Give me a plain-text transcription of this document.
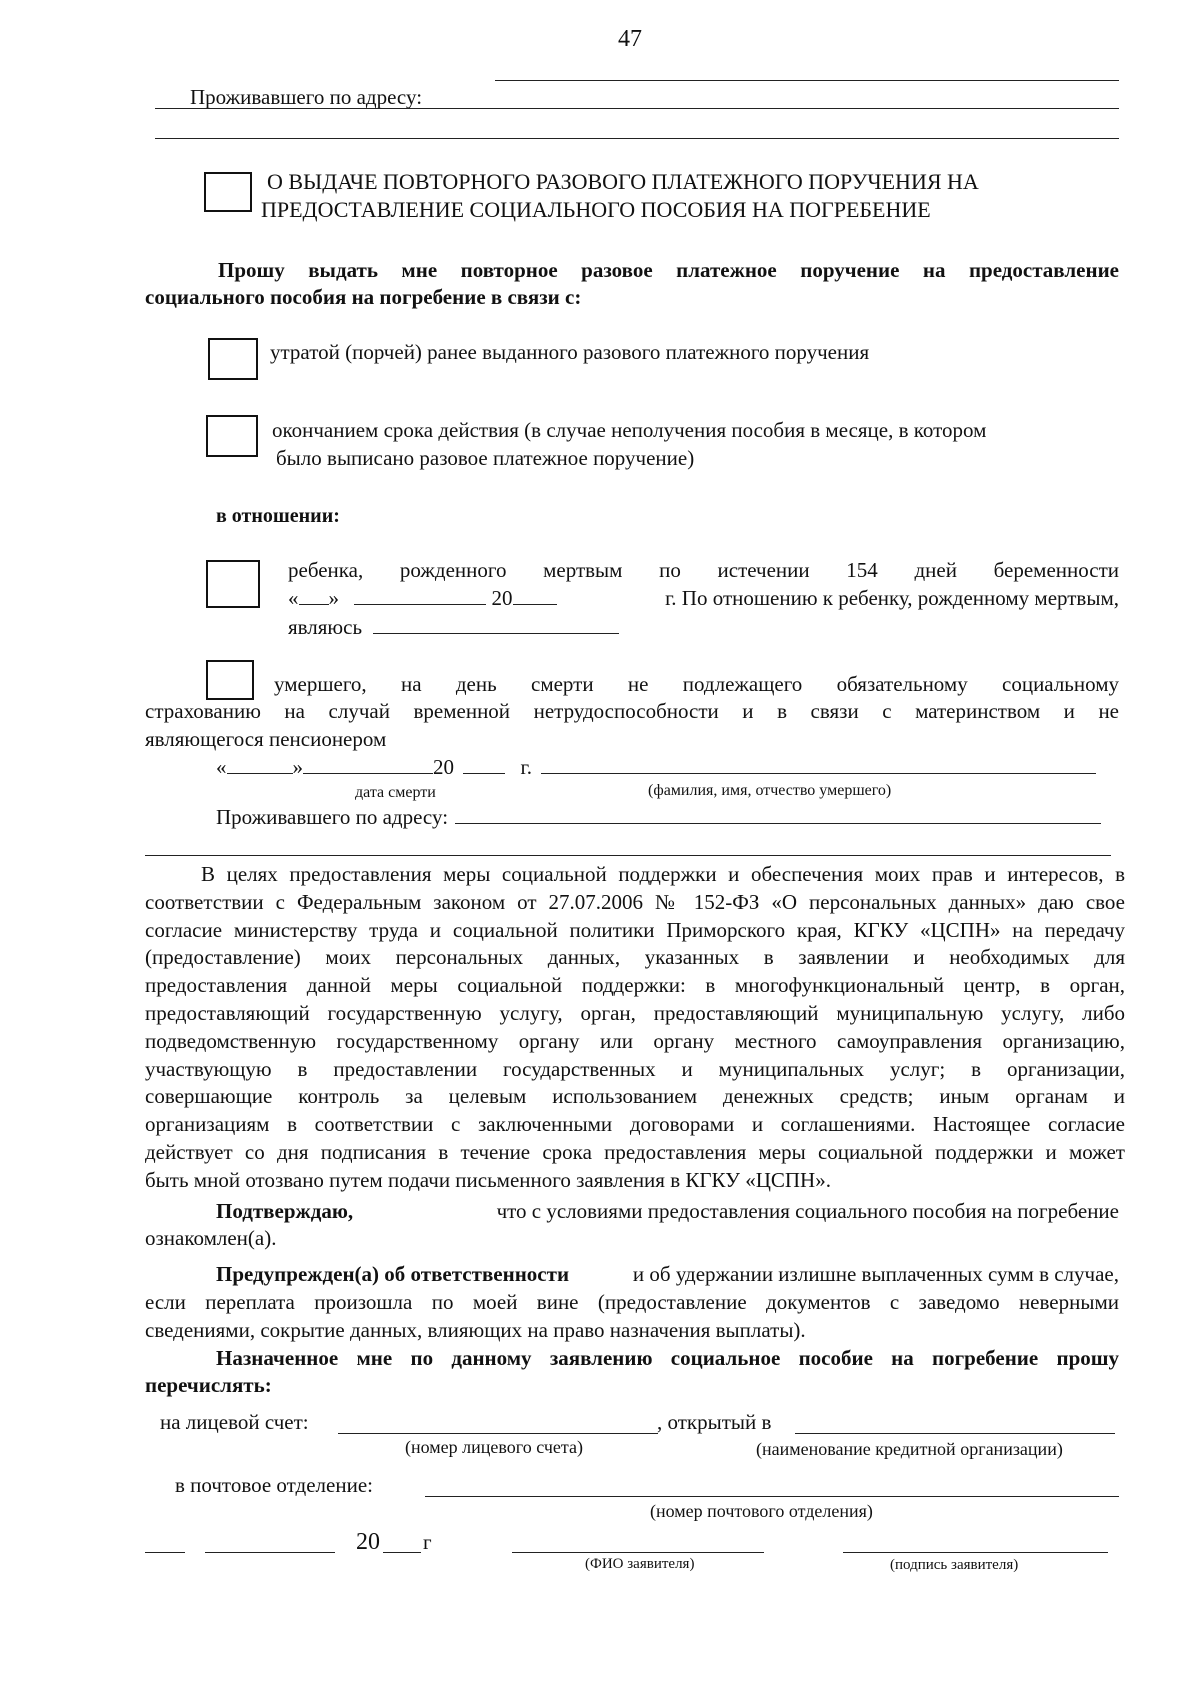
47
Проживавшего по адресу:
О ВЫДАЧЕ ПОВТОРНОГО РАЗОВОГО ПЛАТЕЖНОГО ПОРУЧЕНИЯ НА
ПРЕДОСТАВЛЕНИЕ СОЦИАЛЬНОГО ПОСОБИЯ НА ПОГРЕБЕНИЕ
Прошу выдать мне повторное разовое платежное поручение на предоставление
социального пособия на погребение в связи с:
утратой (порчей) ранее выданного разового платежного поручения
окончанием срока действия (в случае неполучения пособия в месяце, в котором
было выписано разовое платежное поручение)
в отношении:
ребенка, рожденного мертвым по истечении 154 дней беременности
« »	20	г. По отношению к ребенку, рожденному мертвым,
являюсь
умершего, на день смерти не подлежащего обязательному социальному
страхованию на случай временной нетрудоспособности и в связи с материнством и не
являющегося пенсионером
«	»	20	г.
дата смерти	(фамилия, имя, отчество умершего)
Проживавшего по адресу:
В целях предоставления меры социальной поддержки и обеспечения моих прав и интересов, в
соответствии с Федеральным законом от 27.07.2006 № 152-ФЗ «О персональных данных» даю свое
согласие министерству труда и социальной политики Приморского края, КГКУ «ЦСПН» на передачу
(предоставление) моих персональных данных, указанных в заявлении и необходимых для
предоставления данной меры социальной поддержки: в многофункциональный центр, в орган,
предоставляющий государственную услугу, орган, предоставляющий муниципальную услугу, либо
подведомственную государственному органу или органу местного самоуправления организацию,
участвующую в предоставлении государственных и муниципальных услуг; в организации,
совершающие контроль за целевым использованием денежных средств; иным органам и
организациям в соответствии с заключенными договорами и соглашениями. Настоящее согласие
действует со дня подписания в течение срока предоставления меры социальной поддержки и может
быть мной отозвано путем подачи письменного заявления в КГКУ «ЦСПН».
Подтверждаю,	что с условиями предоставления социального пособия на погребение
ознакомлен(а).
Предупрежден(а) об ответственности	и об удержании излишне выплаченных сумм в случае,
если переплата произошла по моей вине (предоставление документов с заведомо неверными
сведениями, сокрытие данных, влияющих на право назначения выплаты).
Назначенное мне по данному заявлению социальное пособие на погребение прошу
перечислять:
на лицевой счет:	, открытый в
(номер лицевого счета)	(наименование кредитной организации)
в почтовое отделение:
(номер почтового отделения)
20 г
(ФИО заявителя)	(подпись заявителя)
